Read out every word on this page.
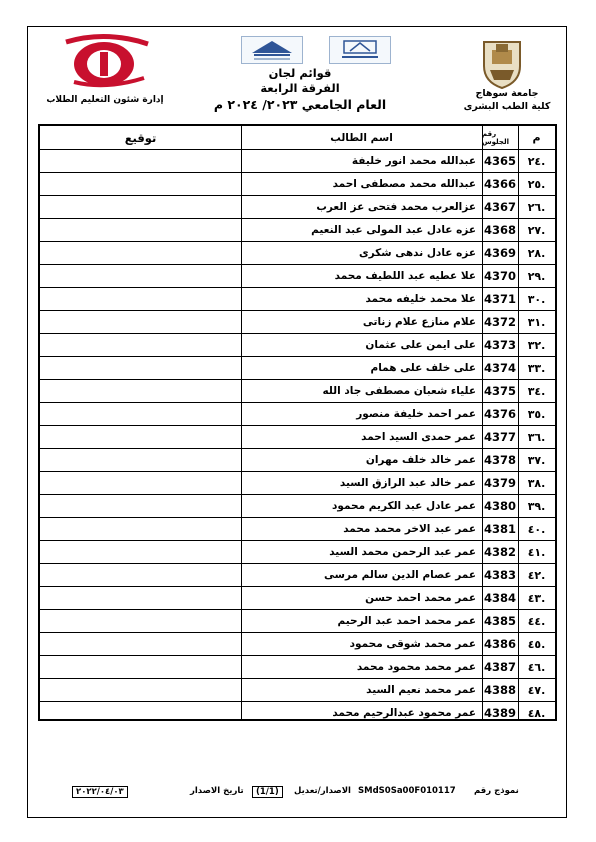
جامعة سوهاج
كلية الطب البشرى
إدارة شئون التعليم الطلاب
قوائم لجان
الفرقة الرابعة
العام الجامعي ٢٠٢٣/ ٢٠٢٤ م
م
رقم الجلوس
اسم الطالب
توقيع
٢٤.
4365
عبدالله محمد انور خليفة
٢٥.
4366
عبدالله محمد مصطفى احمد
٢٦.
4367
عزالعرب محمد فتحى عز العرب
٢٧.
4368
عزه عادل عبد المولى عبد النعيم
٢٨.
4369
عزه عادل ندهى شكرى
٢٩.
4370
علا عطيه عبد اللطيف محمد
٣٠.
4371
علا محمد خليفه محمد
٣١.
4372
علام منازع علام زناتى
٣٢.
4373
على ايمن على عثمان
٣٣.
4374
على خلف على همام
٣٤.
4375
علياء شعبان مصطفى جاد الله
٣٥.
4376
عمر احمد خليفة منصور
٣٦.
4377
عمر حمدى السيد احمد
٣٧.
4378
عمر خالد خلف مهران
٣٨.
4379
عمر خالد عبد الرازق السيد
٣٩.
4380
عمر عادل عبد الكريم محمود
٤٠.
4381
عمر عبد الاخر محمد محمد
٤١.
4382
عمر عبد الرحمن محمد السيد
٤٢.
4383
عمر عصام الدين سالم مرسى
٤٣.
4384
عمر محمد احمد حسن
٤٤.
4385
عمر محمد احمد عبد الرحيم
٤٥.
4386
عمر محمد شوقى محمود
٤٦.
4387
عمر محمد محمود محمد
٤٧.
4388
عمر محمد نعيم السيد
٤٨.
4389
عمر محمود عبدالرحيم محمد
نموذج رقم
SMdS0Sa00F010117
الاصدار/تعديل
(1/1)
تاريخ الاصدار
٢٠٢٢/٠٤/٠٣
